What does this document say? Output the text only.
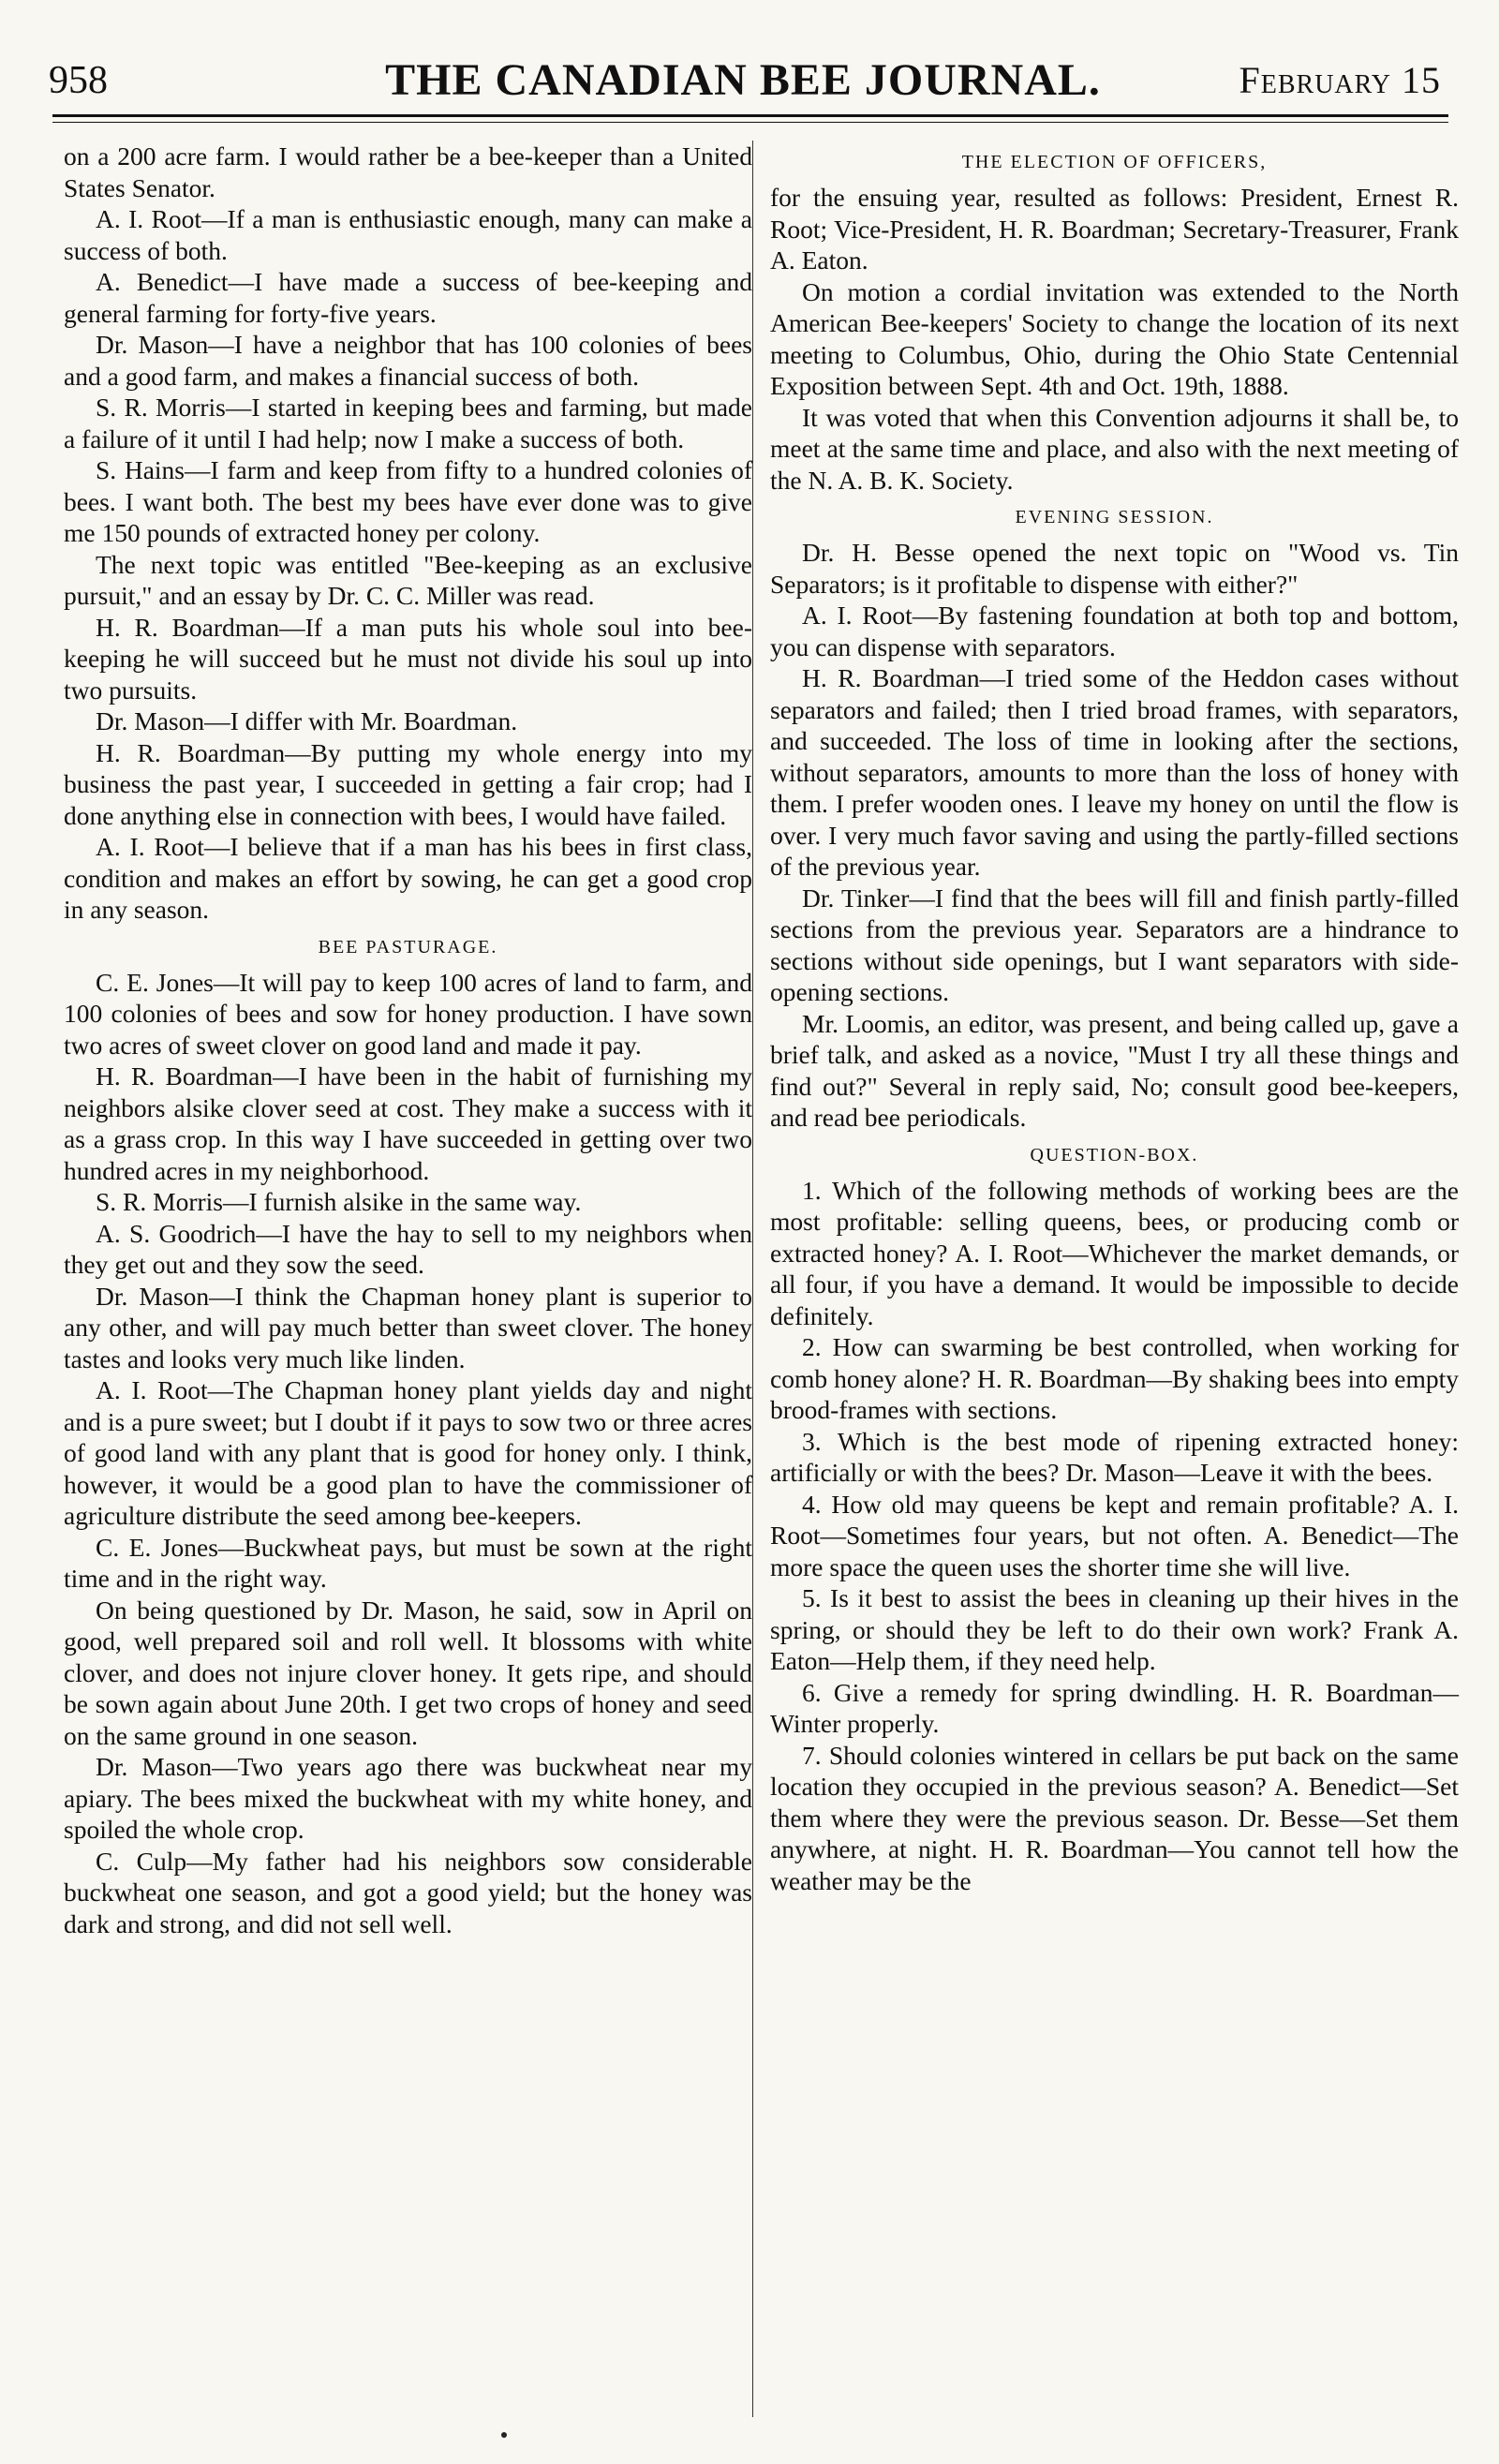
958	THE CANADIAN BEE JOURNAL.	February 15

on a 200 acre farm. I would rather be a bee-keeper than a United States Senator.

A. I. Root—If a man is enthusiastic enough, many can make a success of both.

A. Benedict—I have made a success of bee-keeping and general farming for forty-five years.

Dr. Mason—I have a neighbor that has 100 colonies of bees and a good farm, and makes a financial success of both.

S. R. Morris—I started in keeping bees and farming, but made a failure of it until I had help; now I make a success of both.

S. Hains—I farm and keep from fifty to a hundred colonies of bees. I want both. The best my bees have ever done was to give me 150 pounds of extracted honey per colony.

The next topic was entitled "Bee-keeping as an exclusive pursuit," and an essay by Dr. C. C. Miller was read.

H. R. Boardman—If a man puts his whole soul into bee-keeping he will succeed but he must not divide his soul up into two pursuits.

Dr. Mason—I differ with Mr. Boardman.

H. R. Boardman—By putting my whole energy into my business the past year, I succeeded in getting a fair crop; had I done anything else in connection with bees, I would have failed.

A. I. Root—I believe that if a man has his bees in first class, condition and makes an effort by sowing, he can get a good crop in any season.

BEE PASTURAGE.

C. E. Jones—It will pay to keep 100 acres of land to farm, and 100 colonies of bees and sow for honey production. I have sown two acres of sweet clover on good land and made it pay.

H. R. Boardman—I have been in the habit of furnishing my neighbors alsike clover seed at cost. They make a success with it as a grass crop. In this way I have succeeded in getting over two hundred acres in my neighborhood.

S. R. Morris—I furnish alsike in the same way.

A. S. Goodrich—I have the hay to sell to my neighbors when they get out and they sow the seed.

Dr. Mason—I think the Chapman honey plant is superior to any other, and will pay much better than sweet clover. The honey tastes and looks very much like linden.

A. I. Root—The Chapman honey plant yields day and night and is a pure sweet; but I doubt if it pays to sow two or three acres of good land with any plant that is good for honey only. I think, however, it would be a good plan to have the commissioner of agriculture distribute the seed among bee-keepers.

C. E. Jones—Buckwheat pays, but must be sown at the right time and in the right way.

On being questioned by Dr. Mason, he said, sow in April on good, well prepared soil and roll well. It blossoms with white clover, and does not injure clover honey. It gets ripe, and should be sown again about June 20th. I get two crops of honey and seed on the same ground in one season.

Dr. Mason—Two years ago there was buckwheat near my apiary. The bees mixed the buckwheat with my white honey, and spoiled the whole crop.

C. Culp—My father had his neighbors sow considerable buckwheat one season, and got a good yield; but the honey was dark and strong, and did not sell well.

THE ELECTION OF OFFICERS,

for the ensuing year, resulted as follows: President, Ernest R. Root; Vice-President, H. R. Boardman; Secretary-Treasurer, Frank A. Eaton.

On motion a cordial invitation was extended to the North American Bee-keepers' Society to change the location of its next meeting to Columbus, Ohio, during the Ohio State Centennial Exposition between Sept. 4th and Oct. 19th, 1888.

It was voted that when this Convention adjourns it shall be, to meet at the same time and place, and also with the next meeting of the N. A. B. K. Society.

EVENING SESSION.

Dr. H. Besse opened the next topic on "Wood vs. Tin Separators; is it profitable to dispense with either?"

A. I. Root—By fastening foundation at both top and bottom, you can dispense with separators.

H. R. Boardman—I tried some of the Heddon cases without separators and failed; then I tried broad frames, with separators, and succeeded. The loss of time in looking after the sections, without separators, amounts to more than the loss of honey with them. I prefer wooden ones. I leave my honey on until the flow is over. I very much favor saving and using the partly-filled sections of the previous year.

Dr. Tinker—I find that the bees will fill and finish partly-filled sections from the previous year. Separators are a hindrance to sections without side openings, but I want separators with side-opening sections.

Mr. Loomis, an editor, was present, and being called up, gave a brief talk, and asked as a novice, "Must I try all these things and find out?" Several in reply said, No; consult good bee-keepers, and read bee periodicals.

QUESTION-BOX.

1. Which of the following methods of working bees are the most profitable: selling queens, bees, or producing comb or extracted honey? A. I. Root—Whichever the market demands, or all four, if you have a demand. It would be impossible to decide definitely.

2. How can swarming be best controlled, when working for comb honey alone? H. R. Boardman—By shaking bees into empty brood-frames with sections.

3. Which is the best mode of ripening extracted honey: artificially or with the bees? Dr. Mason—Leave it with the bees.

4. How old may queens be kept and remain profitable? A. I. Root—Sometimes four years, but not often. A. Benedict—The more space the queen uses the shorter time she will live.

5. Is it best to assist the bees in cleaning up their hives in the spring, or should they be left to do their own work? Frank A. Eaton—Help them, if they need help.

6. Give a remedy for spring dwindling. H. R. Boardman—Winter properly.

7. Should colonies wintered in cellars be put back on the same location they occupied in the previous season? A. Benedict—Set them where they were the previous season. Dr. Besse—Set them anywhere, at night. H. R. Boardman—You cannot tell how the weather may be the
